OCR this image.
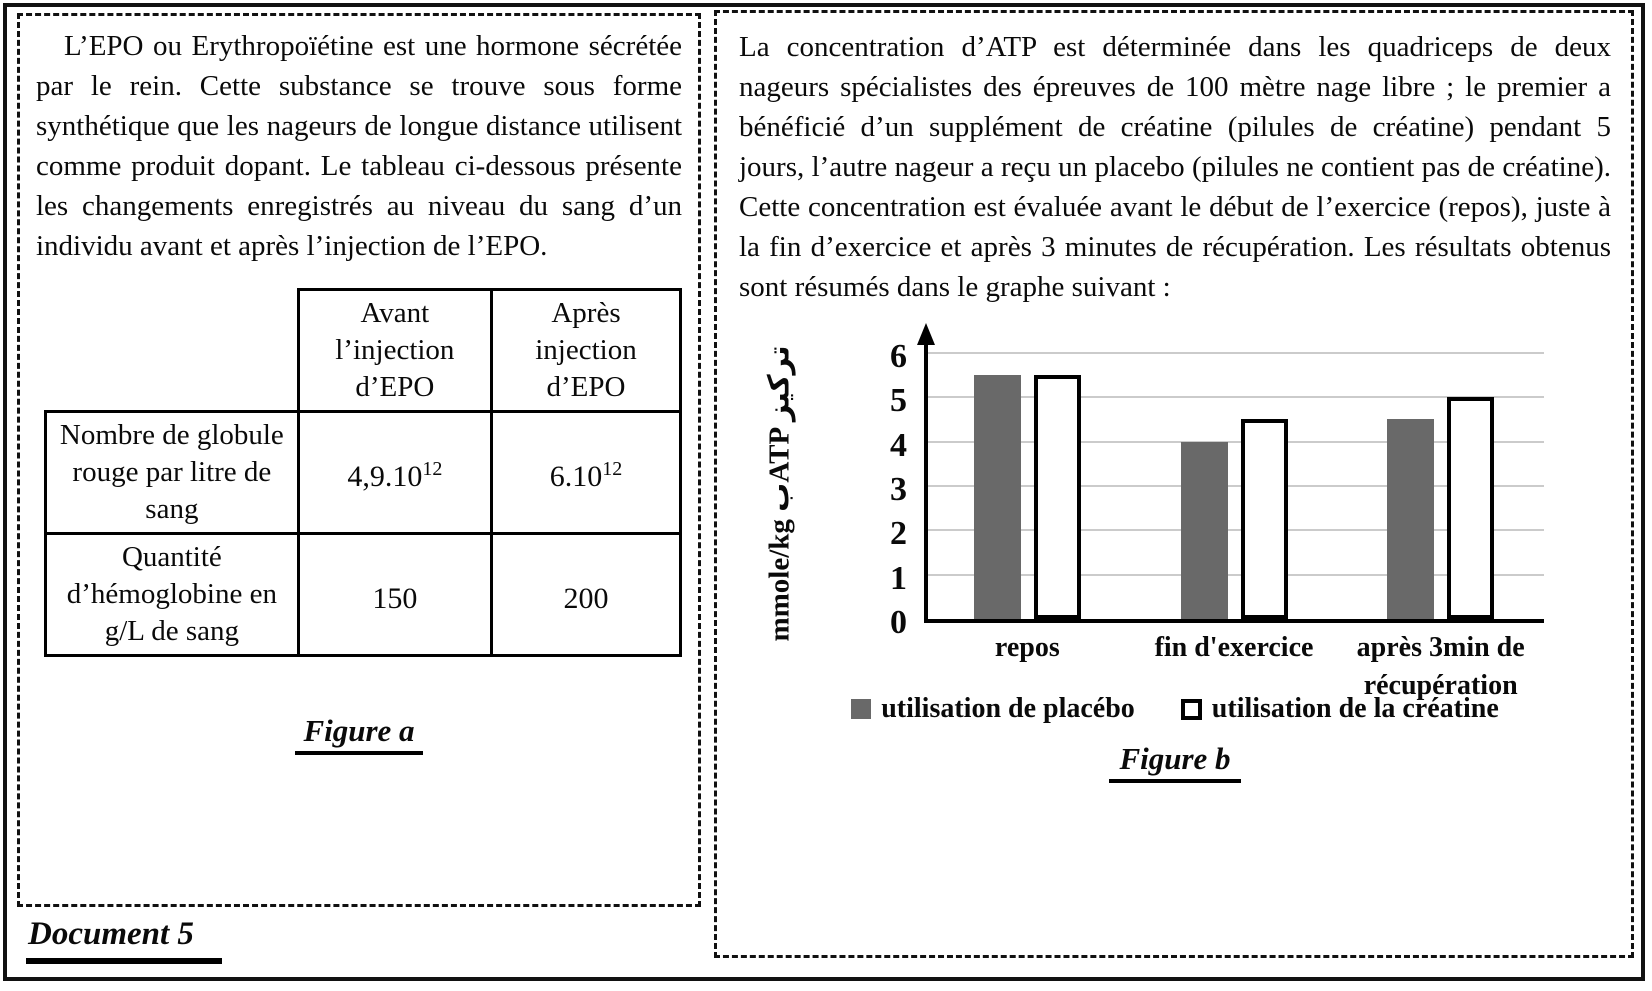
L’EPO ou Erythropoïétine est une hormone sécrétée par le rein. Cette substance se trouve sous forme synthétique que les nageurs de longue distance utilisent comme produit dopant. Le tableau ci-dessous présente les changements enregistrés au niveau du sang d’un individu avant et après l’injection de l’EPO.

	Avant l’injection d’EPO	Après injection d’EPO
Nombre de globule rouge par litre de sang	4,9.10$^{12}$	6.10$^{12}$
Quantité d’hémoglobine en g/L de sang	150	200
Figure a
Document 5

La concentration d’ATP est déterminée dans les quadriceps de deux nageurs spécialistes des épreuves de 100 mètre nage libre ; le premier a bénéficié d’un supplément de créatine (pilules de créatine) pendant 5 jours, l’autre nageur a reçu un placebo (pilules ne contient pas de créatine). Cette concentration est évaluée avant le début de l’exercice (repos), juste à la fin d’exercice et après 3 minutes de récupération. Les résultats obtenus sont résumés dans le graphe suivant :

mmole/kg بATP تركيز
0
1
2
3
4
5
6
repos	fin d'exercice	après 3min de récupération
utilisation de placébo	utilisation de la créatine
Figure b
